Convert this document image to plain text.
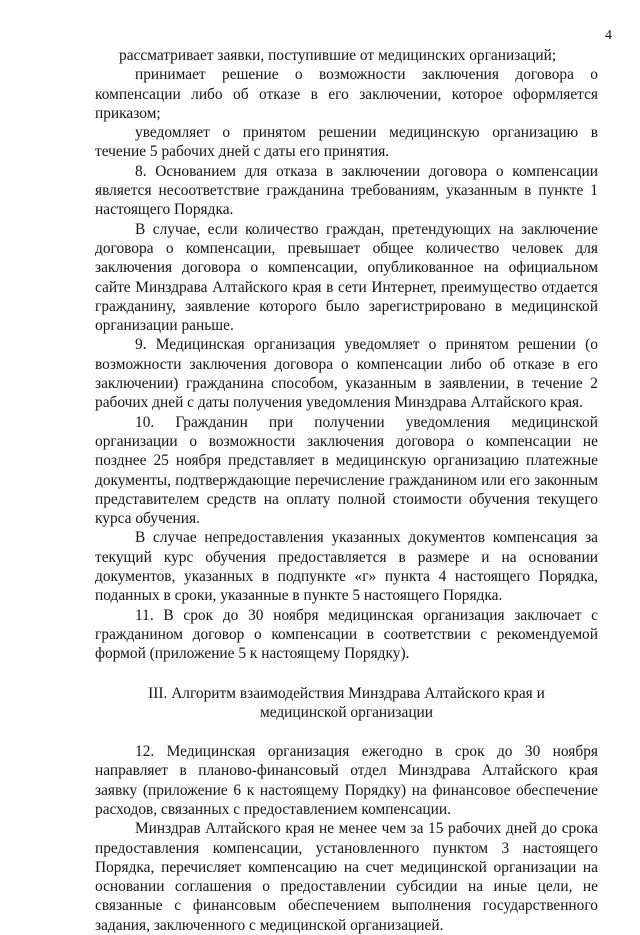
4

рассматривает заявки, поступившие от медицинских организаций;

принимает решение о возможности заключения договора о компенсации либо об отказе в его заключении, которое оформляется приказом;

уведомляет о принятом решении медицинскую организацию в течение 5 рабочих дней с даты его принятия.

8. Основанием для отказа в заключении договора о компенсации является несоответствие гражданина требованиям, указанным в пункте 1 настоящего Порядка.

В случае, если количество граждан, претендующих на заключение договора о компенсации, превышает общее количество человек для заключения договора о компенсации, опубликованное на официальном сайте Минздрава Алтайского края в сети Интернет, преимущество отдается гражданину, заявление которого было зарегистрировано в медицинской организации раньше.

9. Медицинская организация уведомляет о принятом решении (о возможности заключения договора о компенсации либо об отказе в его заключении) гражданина способом, указанным в заявлении, в течение 2 рабочих дней с даты получения уведомления Минздрава Алтайского края.

10. Гражданин при получении уведомления медицинской организации о возможности заключения договора о компенсации не позднее 25 ноября представляет в медицинскую организацию платежные документы, подтверждающие перечисление гражданином или его законным представителем средств на оплату полной стоимости обучения текущего курса обучения.

В случае непредоставления указанных документов компенсация за текущий курс обучения предоставляется в размере и на основании документов, указанных в подпункте «г» пункта 4 настоящего Порядка, поданных в сроки, указанные в пункте 5 настоящего Порядка.

11. В срок до 30 ноября медицинская организация заключает с гражданином договор о компенсации в соответствии с рекомендуемой формой (приложение 5 к настоящему Порядку).

III. Алгоритм взаимодействия Минздрава Алтайского края и медицинской организации

12. Медицинская организация ежегодно в срок до 30 ноября направляет в планово-финансовый отдел Минздрава Алтайского края заявку (приложение 6 к настоящему Порядку) на финансовое обеспечение расходов, связанных с предоставлением компенсации.

Минздрав Алтайского края не менее чем за 15 рабочих дней до срока предоставления компенсации, установленного пунктом 3 настоящего Порядка, перечисляет компенсацию на счет медицинской организации на основании соглашения о предоставлении субсидии на иные цели, не связанные с финансовым обеспечением выполнения государственного задания, заключенного с медицинской организацией.
